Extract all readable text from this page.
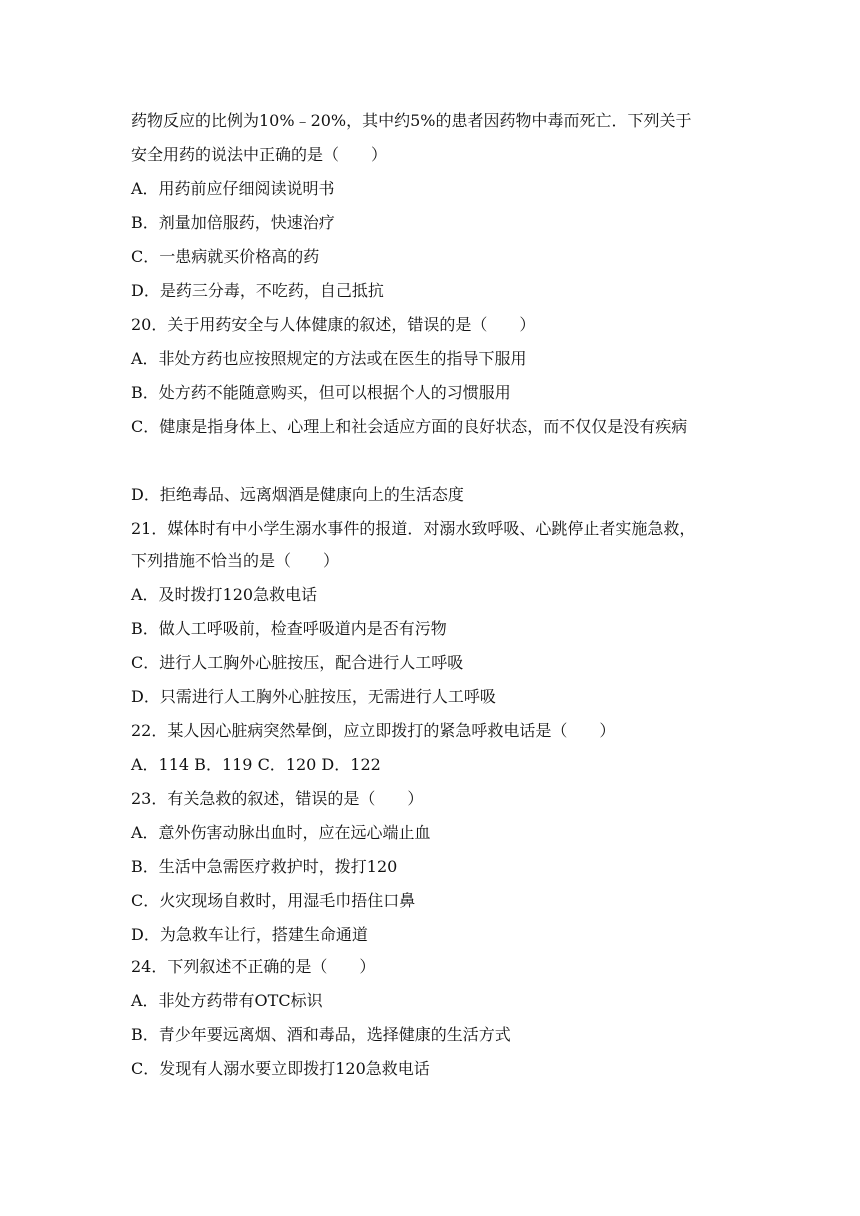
药物反应的比例为10%﹣20%，其中约5%的患者因药物中毒而死亡．下列关于
安全用药的说法中正确的是（　　）
A．用药前应仔细阅读说明书
B．剂量加倍服药，快速治疗
C．一患病就买价格高的药
D．是药三分毒，不吃药，自己抵抗
20．关于用药安全与人体健康的叙述，错误的是（　　）
A．非处方药也应按照规定的方法或在医生的指导下服用
B．处方药不能随意购买，但可以根据个人的习惯服用
C．健康是指身体上、心理上和社会适应方面的良好状态，而不仅仅是没有疾病
D．拒绝毒品、远离烟酒是健康向上的生活态度
21．媒体时有中小学生溺水事件的报道．对溺水致呼吸、心跳停止者实施急救，
下列措施不恰当的是（　　）
A．及时拨打120急救电话
B．做人工呼吸前，检查呼吸道内是否有污物
C．进行人工胸外心脏按压，配合进行人工呼吸
D．只需进行人工胸外心脏按压，无需进行人工呼吸
22．某人因心脏病突然晕倒，应立即拨打的紧急呼救电话是（　　）
A．114 B．119 C．120 D．122
23．有关急救的叙述，错误的是（　　）
A．意外伤害动脉出血时，应在远心端止血
B．生活中急需医疗救护时，拨打120
C．火灾现场自救时，用湿毛巾捂住口鼻
D．为急救车让行，搭建生命通道
24．下列叙述不正确的是（　　）
A．非处方药带有OTC标识
B．青少年要远离烟、酒和毒品，选择健康的生活方式
C．发现有人溺水要立即拨打120急救电话
